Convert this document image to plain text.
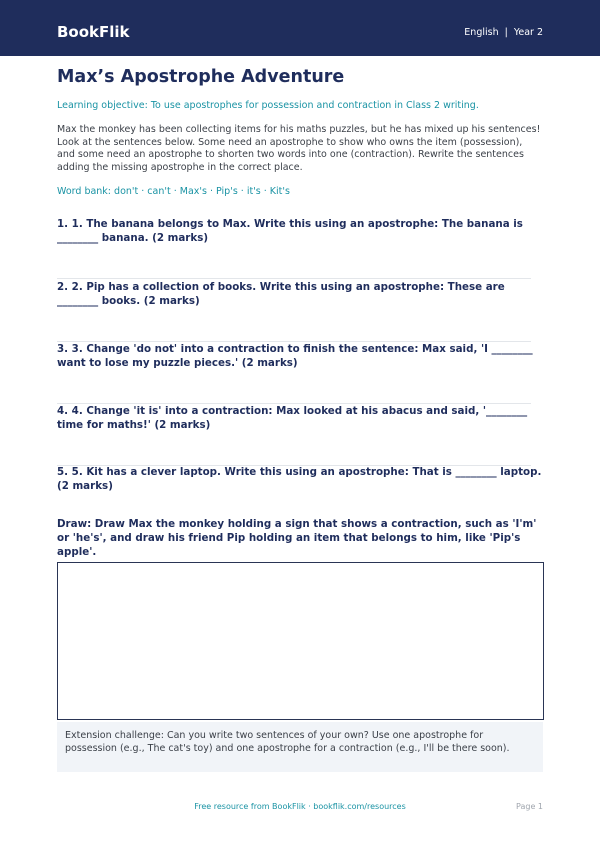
BookFlik	English | Year 2
Max’s Apostrophe Adventure
Learning objective: To use apostrophes for possession and contraction in Class 2 writing.
Max the monkey has been collecting items for his maths puzzles, but he has mixed up his sentences! Look at the sentences below. Some need an apostrophe to show who owns the item (possession), and some need an apostrophe to shorten two words into one (contraction). Rewrite the sentences adding the missing apostrophe in the correct place.
Word bank: don't · can't · Max's · Pip's · it's · Kit's
1. 1. The banana belongs to Max. Write this using an apostrophe: The banana is ________ banana. (2 marks)
2. 2. Pip has a collection of books. Write this using an apostrophe: These are ________ books. (2 marks)
3. 3. Change 'do not' into a contraction to finish the sentence: Max said, 'I ________ want to lose my puzzle pieces.' (2 marks)
4. 4. Change 'it is' into a contraction: Max looked at his abacus and said, '________ time for maths!' (2 marks)
5. 5. Kit has a clever laptop. Write this using an apostrophe: That is ________ laptop. (2 marks)
Draw: Draw Max the monkey holding a sign that shows a contraction, such as 'I'm' or 'he's', and draw his friend Pip holding an item that belongs to him, like 'Pip's apple'.
Extension challenge: Can you write two sentences of your own? Use one apostrophe for possession (e.g., The cat's toy) and one apostrophe for a contraction (e.g., I'll be there soon).
Free resource from BookFlik · bookflik.com/resources	Page 1
